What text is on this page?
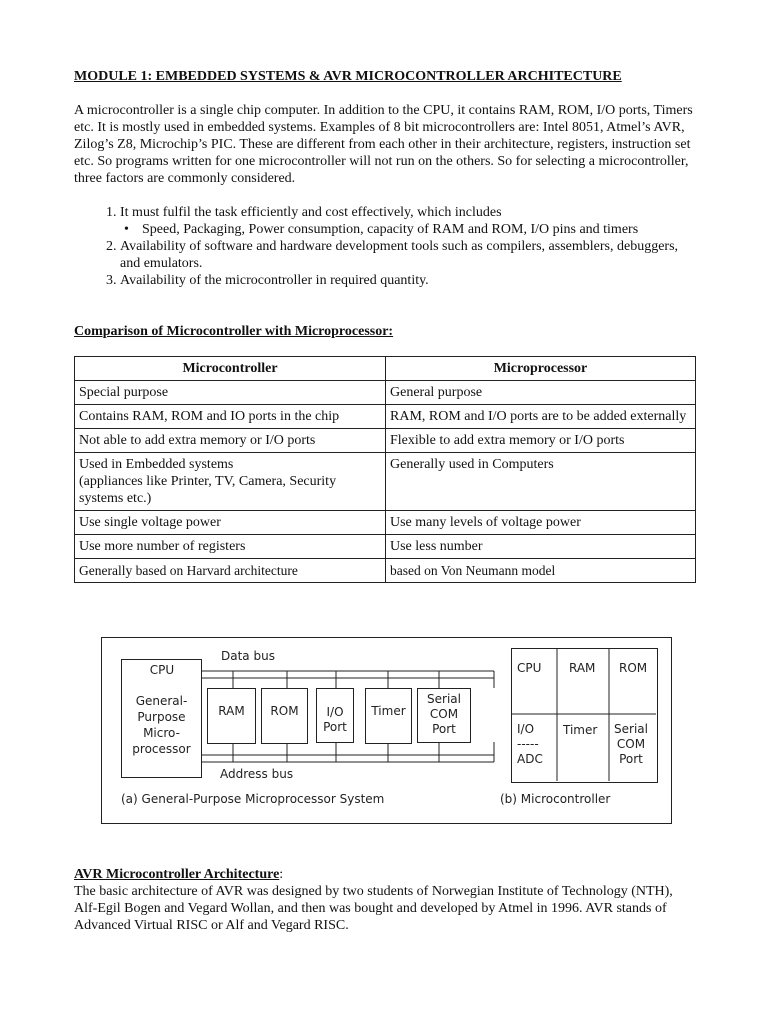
MODULE 1: EMBEDDED SYSTEMS & AVR MICROCONTROLLER ARCHITECTURE

A microcontroller is a single chip computer. In addition to the CPU, it contains RAM, ROM, I/O ports, Timers etc. It is mostly used in embedded systems. Examples of 8 bit microcontrollers are: Intel 8051, Atmel’s AVR, Zilog’s Z8, Microchip’s PIC. These are different from each other in their architecture, registers, instruction set etc. So programs written for one microcontroller will not run on the others. So for selecting a microcontroller, three factors are commonly considered.

1. It must fulfil the task efficiently and cost effectively, which includes
• Speed, Packaging, Power consumption, capacity of RAM and ROM, I/O pins and timers
2. Availability of software and hardware development tools such as compilers, assemblers, debuggers, and emulators.
3. Availability of the microcontroller in required quantity.

Comparison of Microcontroller with Microprocessor:

Microcontroller	Microprocessor
Special purpose	General purpose
Contains RAM, ROM and IO ports in the chip	RAM, ROM and I/O ports are to be added externally
Not able to add extra memory or I/O ports	Flexible to add extra memory or I/O ports
Used in Embedded systems
(appliances like Printer, TV, Camera, Security systems etc.)	Generally used in Computers
Use single voltage power	Use many levels of voltage power
Use more number of registers	Use less number
Generally based on Harvard architecture	based on Von Neumann model
Data bus
Address bus
CPU
General-
Purpose
Micro-
processor
RAM	ROM	I/O
Port
Timer
Serial
COM
Port
CPU RAM ROM
I/O
-----
ADC
Timer Serial
COM
Port
(a) General-Purpose Microprocessor System	(b) Microcontroller

AVR Microcontroller Architecture:

The basic architecture of AVR was designed by two students of Norwegian Institute of Technology (NTH), Alf-Egil Bogen and Vegard Wollan, and then was bought and developed by Atmel in 1996. AVR stands of Advanced Virtual RISC or Alf and Vegard RISC.
